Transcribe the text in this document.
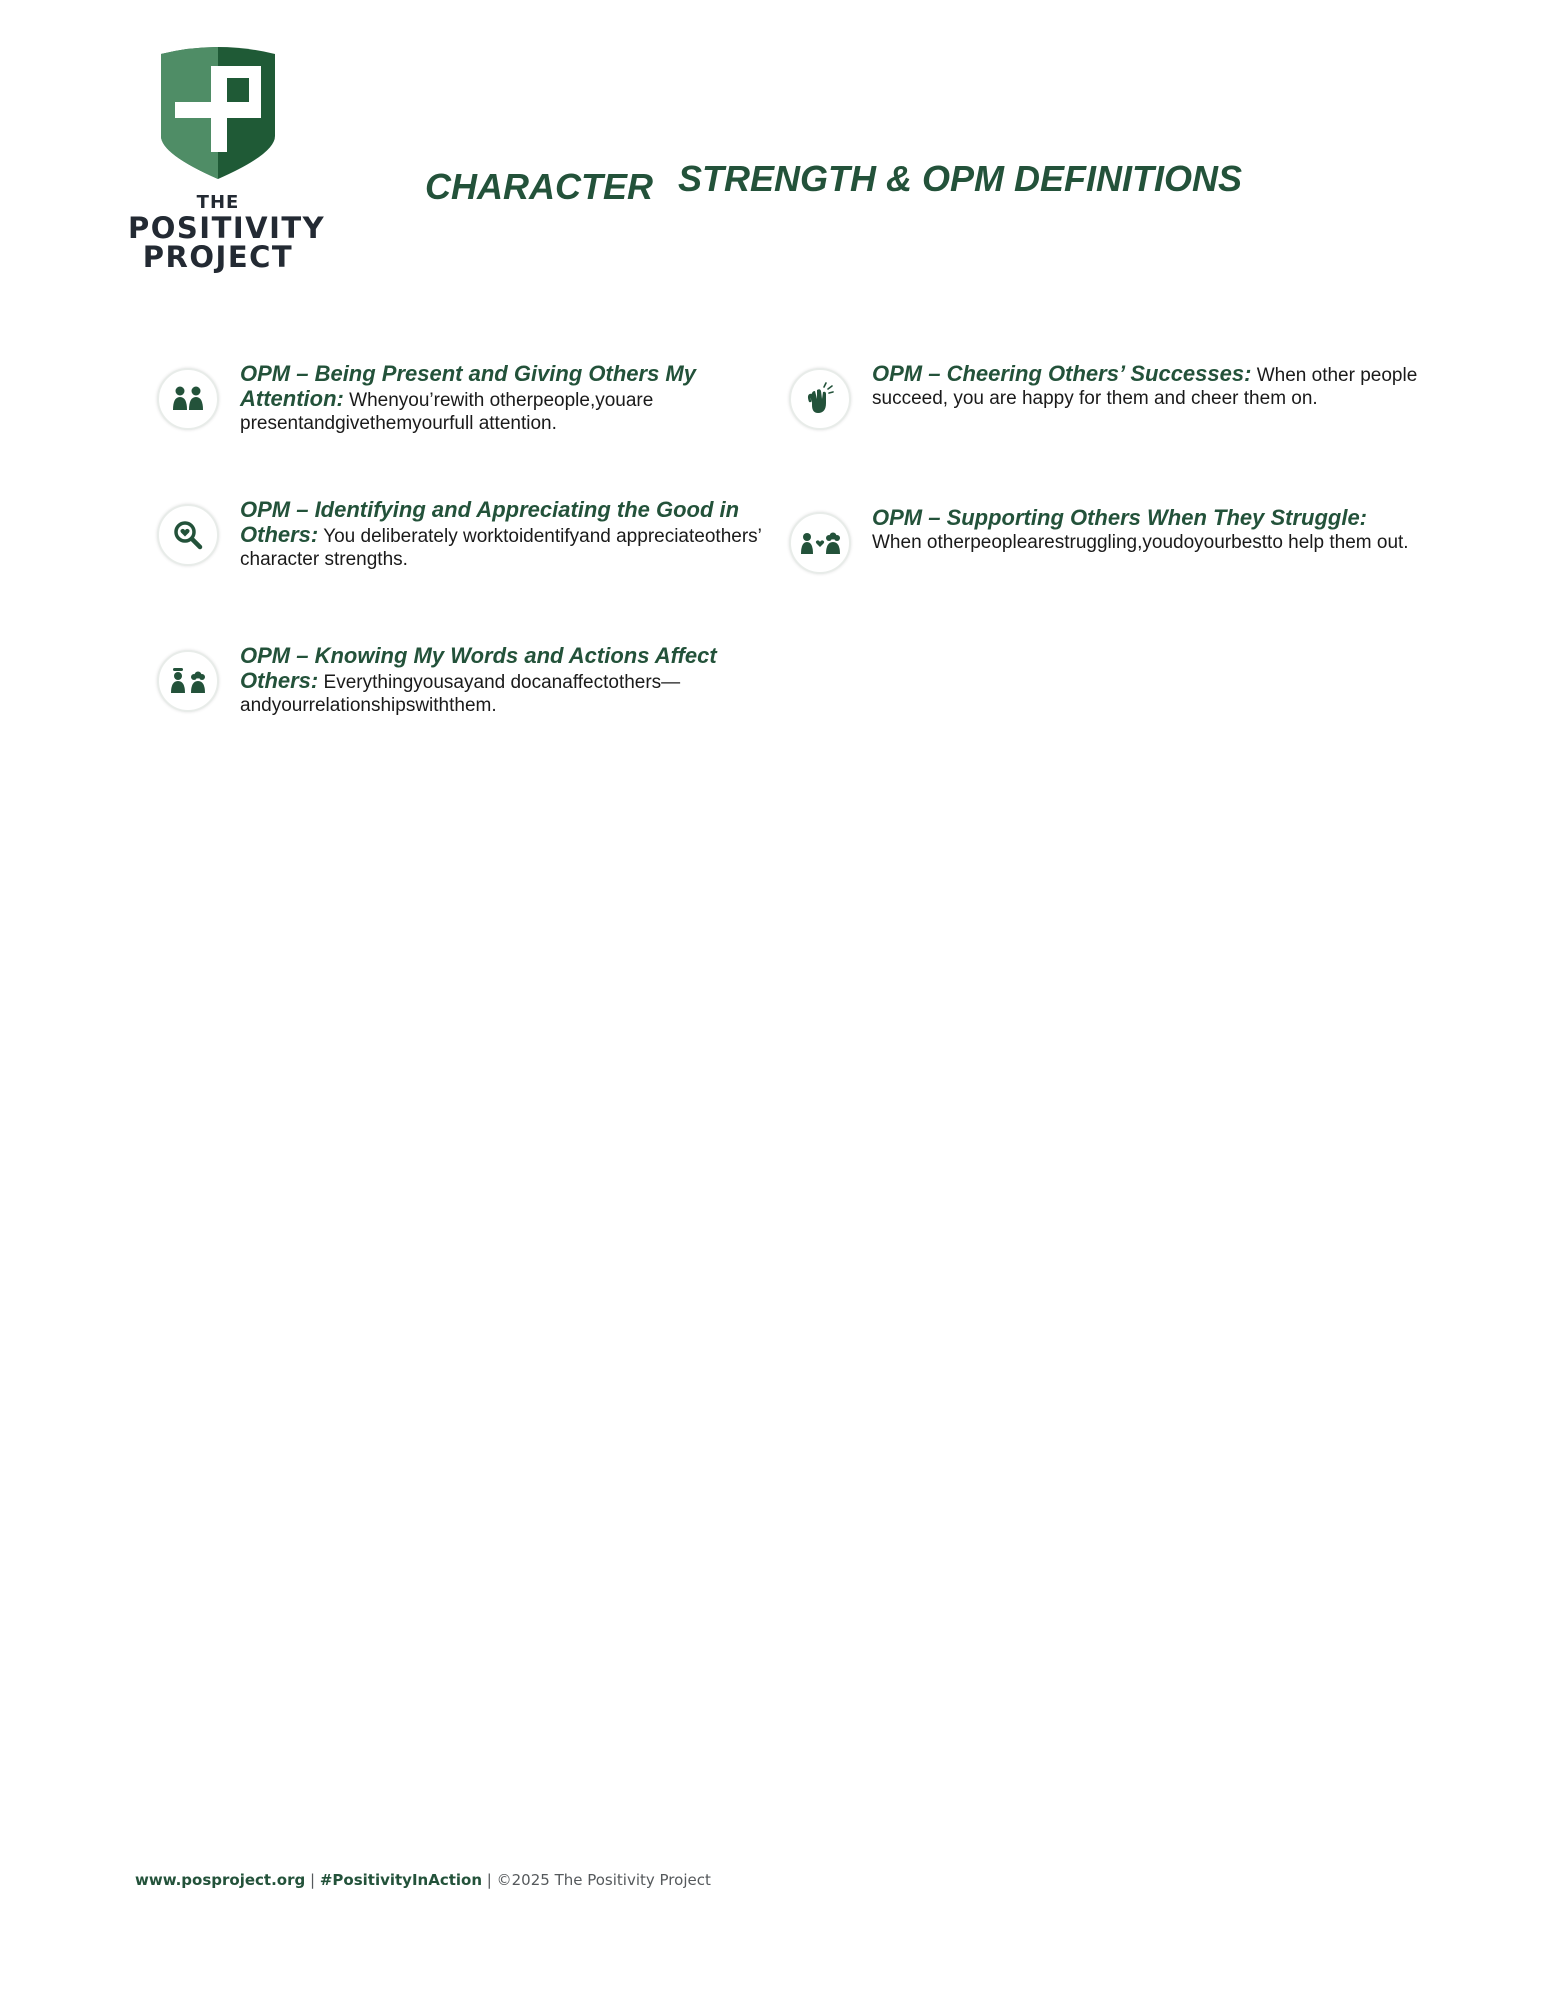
THE
POSITIVITY
PROJECT
CHARACTER STRENGTH & OPM DEFINITIONS

OPM – Being Present and Giving Others My Attention: Whenyou’rewith otherpeople,youare presentandgivethemyourfull attention.

OPM – Cheering Others’ Successes: When other people succeed, you are happy for them and cheer them on.

OPM – Identifying and Appreciating the Good in Others: You deliberately worktoidentifyand appreciateothers’ character strengths.

OPM – Supporting Others When They Struggle:
When otherpeoplearestruggling,youdoyourbestto help them out.

OPM – Knowing My Words and Actions Affect Others: Everythingyousayand docanaffectothers—andyourrelationshipswiththem.

www.posproject.org | #PositivityInAction | ©2025 The Positivity Project
